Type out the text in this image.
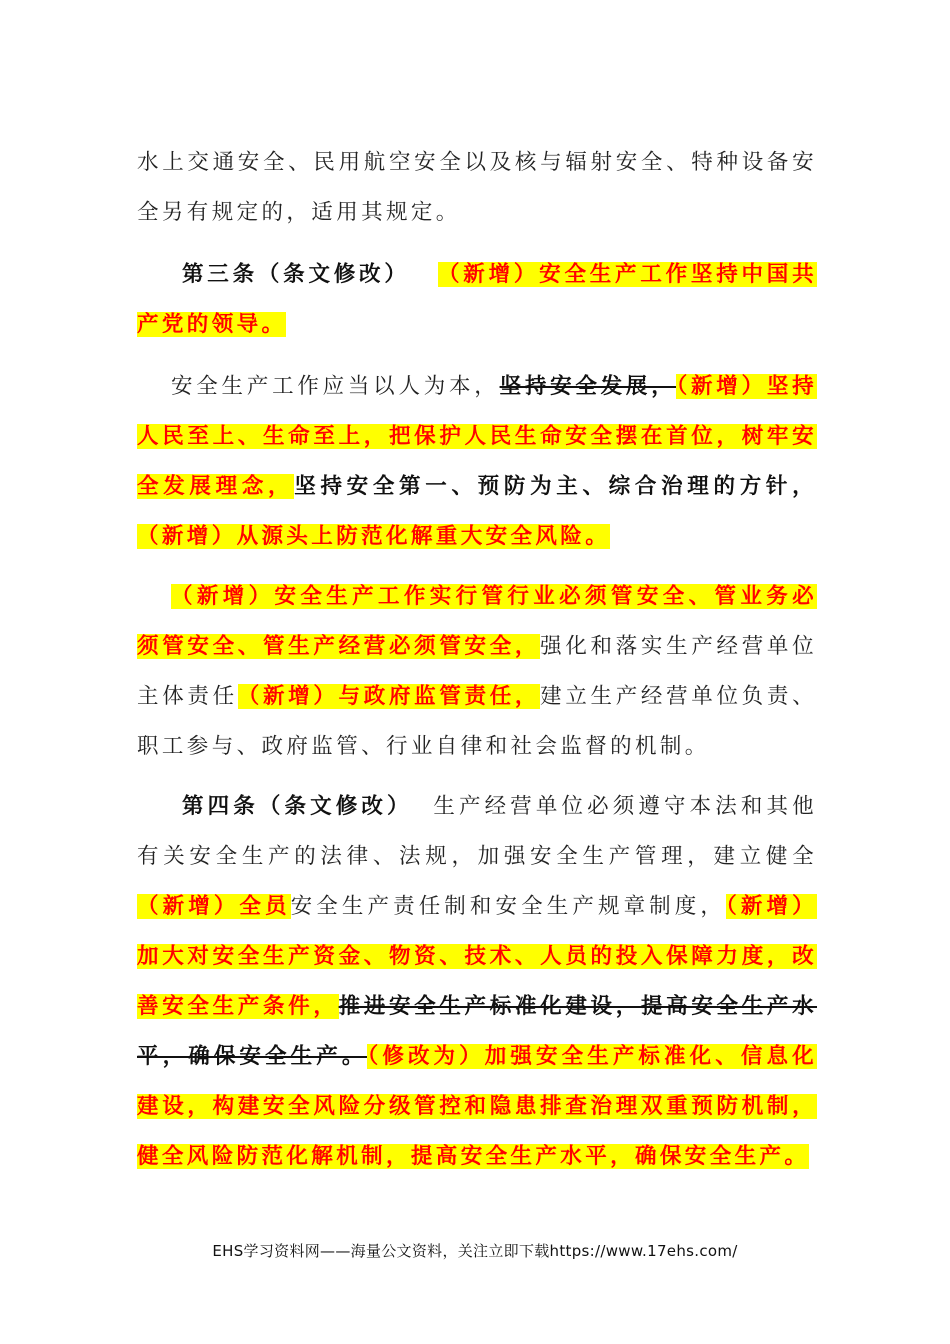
水上交通安全、民用航空安全以及核与辐射安全、特种设备安全另有规定的，适用其规定。

第三条（条文修改） （新增）安全生产工作坚持中国共产党的领导。

安全生产工作应当以人为本，坚持安全发展，（新增）坚持人民至上、生命至上，把保护人民生命安全摆在首位，树牢安全发展理念，坚持安全第一、预防为主、综合治理的方针，（新增）从源头上防范化解重大安全风险。

（新增）安全生产工作实行管行业必须管安全、管业务必须管安全、管生产经营必须管安全，强化和落实生产经营单位主体责任（新增）与政府监管责任，建立生产经营单位负责、职工参与、政府监管、行业自律和社会监督的机制。

第四条（条文修改） 生产经营单位必须遵守本法和其他有关安全生产的法律、法规，加强安全生产管理，建立健全（新增）全员安全生产责任制和安全生产规章制度，（新增）加大对安全生产资金、物资、技术、人员的投入保障力度，改善安全生产条件，推进安全生产标准化建设，提高安全生产水平，确保安全生产。（修改为）加强安全生产标准化、信息化建设，构建安全风险分级管控和隐患排查治理双重预防机制，健全风险防范化解机制，提高安全生产水平，确保安全生产。

EHS学习资料网——海量公文资料，关注立即下载https://www.17ehs.com/
